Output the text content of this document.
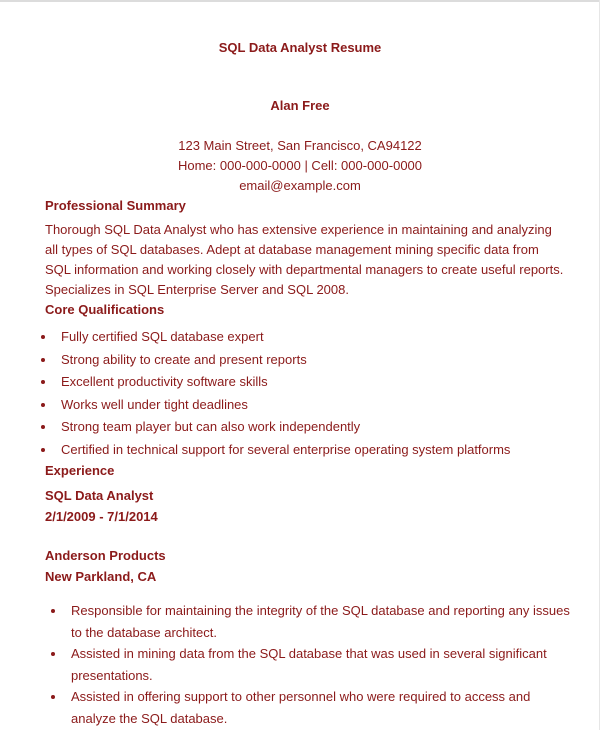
SQL Data Analyst Resume
Alan Free
123 Main Street, San Francisco, CA94122
Home: 000-000-0000 | Cell: 000-000-0000
email@example.com
Professional Summary
Thorough SQL Data Analyst who has extensive experience in maintaining and analyzing all types of SQL databases. Adept at database management mining specific data from SQL information and working closely with departmental managers to create useful reports. Specializes in SQL Enterprise Server and SQL 2008.
Core Qualifications
Fully certified SQL database expert
Strong ability to create and present reports
Excellent productivity software skills
Works well under tight deadlines
Strong team player but can also work independently
Certified in technical support for several enterprise operating system platforms
Experience
SQL Data Analyst
2/1/2009 - 7/1/2014
Anderson Products
New Parkland, CA
Responsible for maintaining the integrity of the SQL database and reporting any issues to the database architect.
Assisted in mining data from the SQL database that was used in several significant presentations.
Assisted in offering support to other personnel who were required to access and analyze the SQL database.
